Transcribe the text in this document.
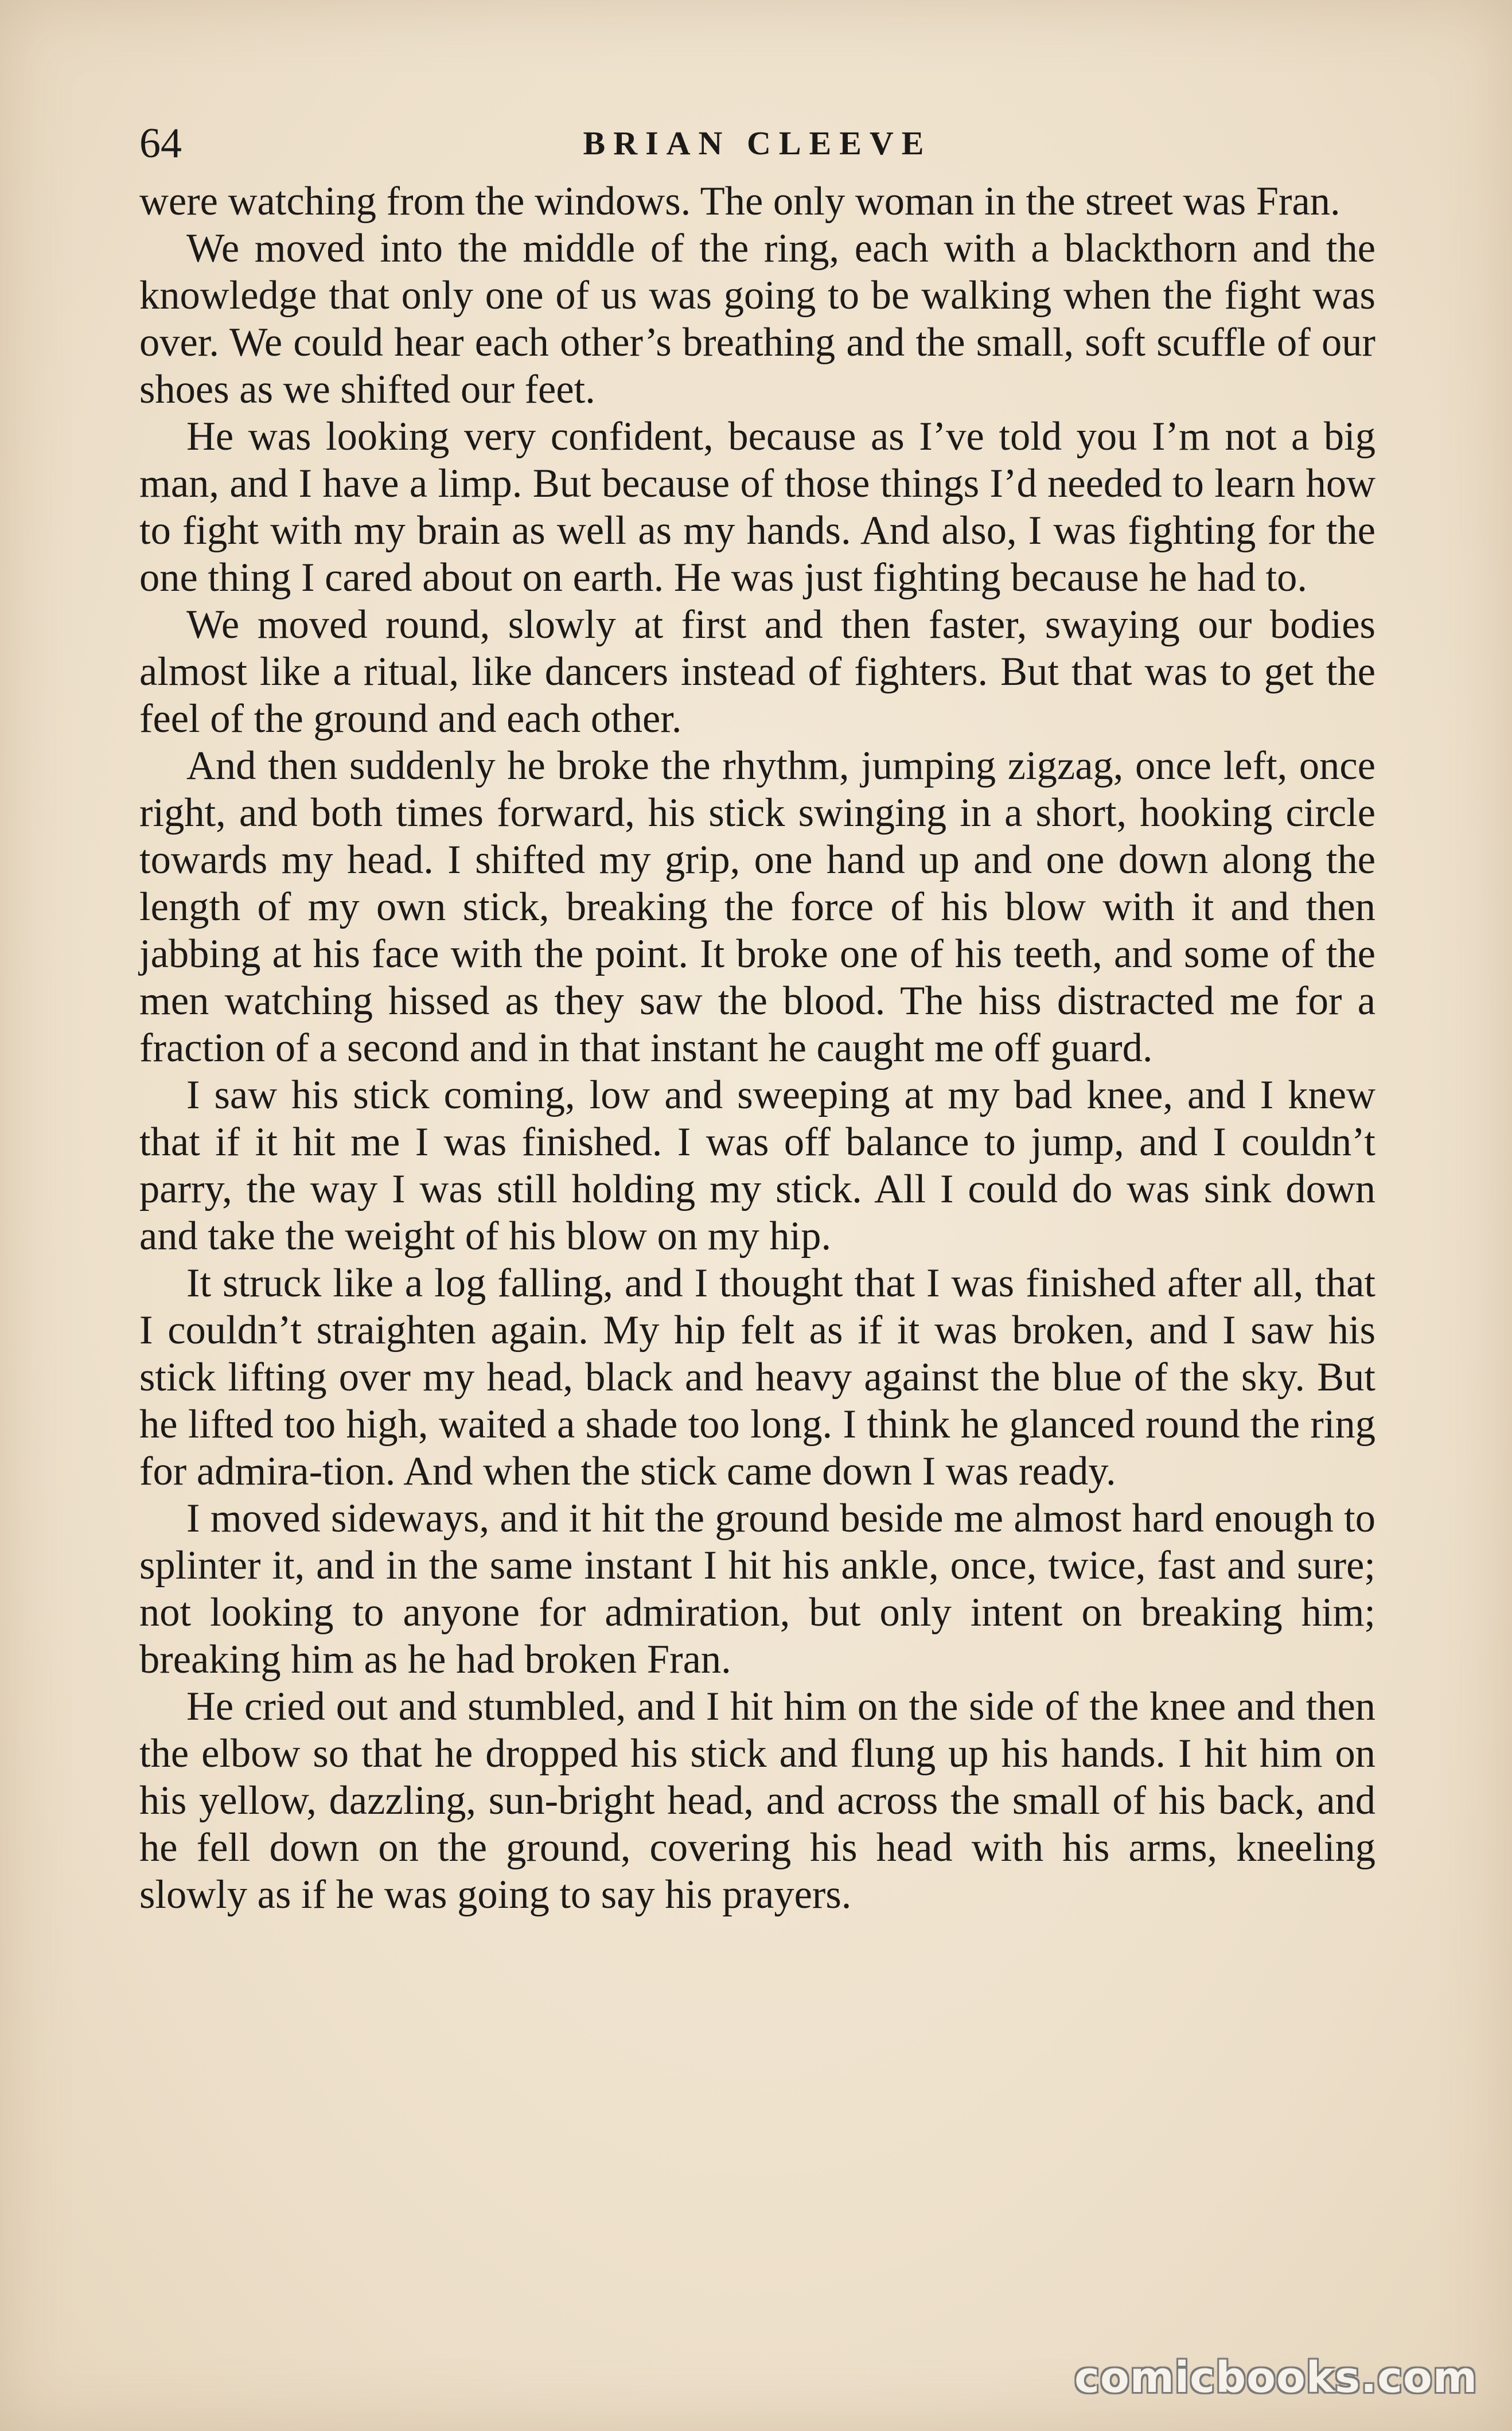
64	BRIAN CLEEVE

were watching from the windows. The only woman in the street was Fran.

We moved into the middle of the ring, each with a blackthorn and the knowledge that only one of us was going to be walking when the fight was over. We could hear each other’s breathing and the small, soft scuffle of our shoes as we shifted our feet.

He was looking very confident, because as I’ve told you I’m not a big man, and I have a limp. But because of those things I’d needed to learn how to fight with my brain as well as my hands. And also, I was fighting for the one thing I cared about on earth. He was just fighting because he had to.

We moved round, slowly at first and then faster, swaying our bodies almost like a ritual, like dancers instead of fighters. But that was to get the feel of the ground and each other.

And then suddenly he broke the rhythm, jumping zigzag, once left, once right, and both times forward, his stick swinging in a short, hooking circle towards my head. I shifted my grip, one hand up and one down along the length of my own stick, breaking the force of his blow with it and then jabbing at his face with the point. It broke one of his teeth, and some of the men watching hissed as they saw the blood. The hiss distracted me for a fraction of a second and in that instant he caught me off guard.

I saw his stick coming, low and sweeping at my bad knee, and I knew that if it hit me I was finished. I was off balance to jump, and I couldn’t parry, the way I was still holding my stick. All I could do was sink down and take the weight of his blow on my hip.

It struck like a log falling, and I thought that I was finished after all, that I couldn’t straighten again. My hip felt as if it was broken, and I saw his stick lifting over my head, black and heavy against the blue of the sky. But he lifted too high, waited a shade too long. I think he glanced round the ring for admira-tion. And when the stick came down I was ready.

I moved sideways, and it hit the ground beside me almost hard enough to splinter it, and in the same instant I hit his ankle, once, twice, fast and sure; not looking to anyone for admiration, but only intent on breaking him; breaking him as he had broken Fran.

He cried out and stumbled, and I hit him on the side of the knee and then the elbow so that he dropped his stick and flung up his hands. I hit him on his yellow, dazzling, sun-bright head, and across the small of his back, and he fell down on the ground, covering his head with his arms, kneeling slowly as if he was going to say his prayers.

comicbooks.com
